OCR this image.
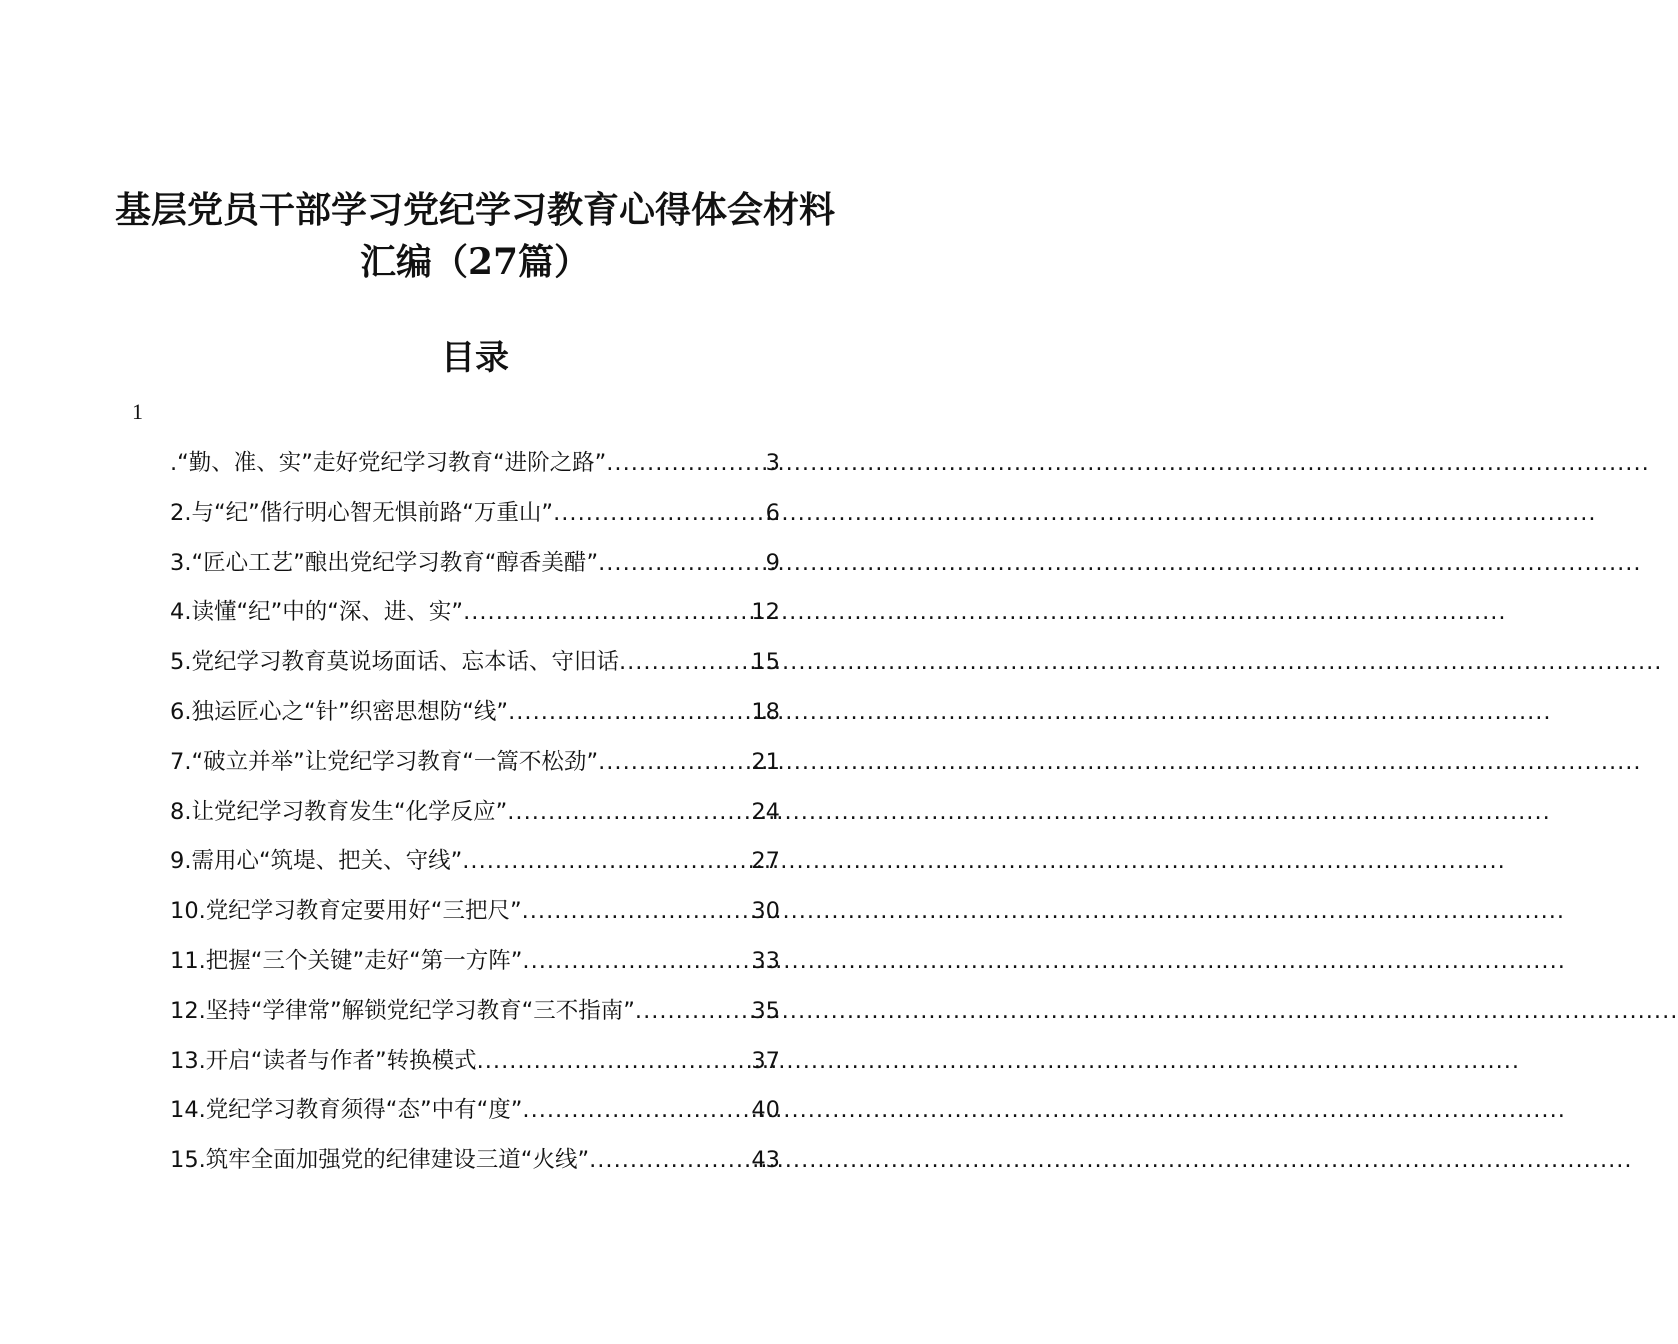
基层党员干部学习党纪学习教育心得体会材料
汇编（27篇）
目录
1
.“勤、准、实”走好党纪学习教育“进阶之路” .....	3
2.与“纪”偕行明心智无惧前路“万重山” .....	6
3.“匠心工艺”酿出党纪学习教育“醇香美醋” .....	9
4.读懂“纪”中的“深、进、实” .....	12
5.党纪学习教育莫说场面话、忘本话、守旧话 .....	15
6.独运匠心之“针”织密思想防“线” .....	18
7.“破立并举”让党纪学习教育“一篙不松劲” .....	21
8.让党纪学习教育发生“化学反应” .....	24
9.需用心“筑堤、把关、守线” .....	27
10.党纪学习教育定要用好“三把尺” .....	30
11.把握“三个关键”走好“第一方阵” .....	33
12.坚持“学律常”解锁党纪学习教育“三不指南” .....	35
13.开启“读者与作者”转换模式 .....	37
14.党纪学习教育须得“态”中有“度” .....	40
15.筑牢全面加强党的纪律建设三道“火线” .....	43
